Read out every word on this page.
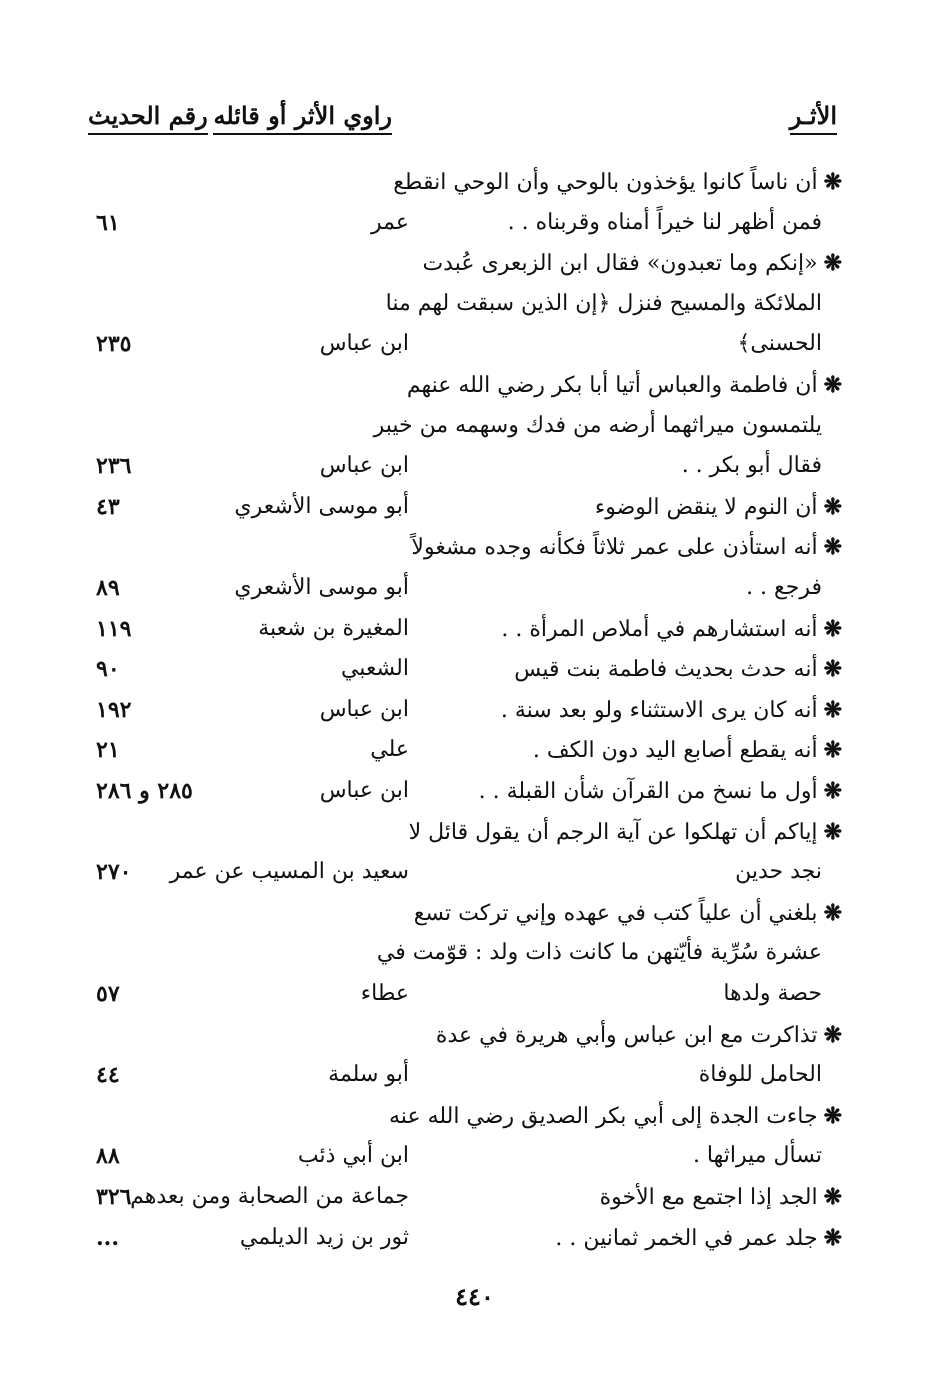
الأثـر
راوي الأثر أو قائله
رقم الحديث
❋أن ناساً كانوا يؤخذون بالوحي وأن الوحي انقطع
فمن أظهر لنا خيراً أمناه وقربناه . .
عمر
٦١
❋«إنكم وما تعبدون» فقال ابن الزبعرى عُبدت
الملائكة والمسيح فنزل ﴿إن الذين سبقت لهم منا
الحسنى﴾
ابن عباس
٢٣٥
❋أن فاطمة والعباس أتيا أبا بكر رضي الله عنهم
يلتمسون ميراثهما أرضه من فدك وسهمه من خيبر
فقال أبو بكر . .
ابن عباس
٢٣٦
❋أن النوم لا ينقض الوضوء
أبو موسى الأشعري
٤٣
❋أنه استأذن على عمر ثلاثاً فكأنه وجده مشغولاً
فرجع . .
أبو موسى الأشعري
٨٩
❋أنه استشارهم في أملاص المرأة . .
المغيرة بن شعبة
١١٩
❋أنه حدث بحديث فاطمة بنت قيس
الشعبي
٩٠
❋أنه كان يرى الاستثناء ولو بعد سنة .
ابن عباس
١٩٢
❋أنه يقطع أصابع اليد دون الكف .
علي
٢١
❋أول ما نسخ من القرآن شأن القبلة . .
ابن عباس
٢٨٥ و ٢٨٦
❋إياكم أن تهلكوا عن آية الرجم أن يقول قائل لا
نجد حدين
سعيد بن المسيب عن عمر
٢٧٠
❋بلغني أن علياً كتب في عهده وإني تركت تسع
عشرة سُرِّية فأيّتهن ما كانت ذات ولد : قوّمت في
حصة ولدها
عطاء
٥٧
❋تذاكرت مع ابن عباس وأبي هريرة في عدة
الحامل للوفاة
أبو سلمة
٤٤
❋جاءت الجدة إلى أبي بكر الصديق رضي الله عنه
تسأل ميراثها .
ابن أبي ذئب
٨٨
❋الجد إذا اجتمع مع الأخوة
جماعة من الصحابة ومن بعدهم
٣٢٦
❋جلد عمر في الخمر ثمانين . .
ثور بن زيد الديلمي
...
٤٤٠
